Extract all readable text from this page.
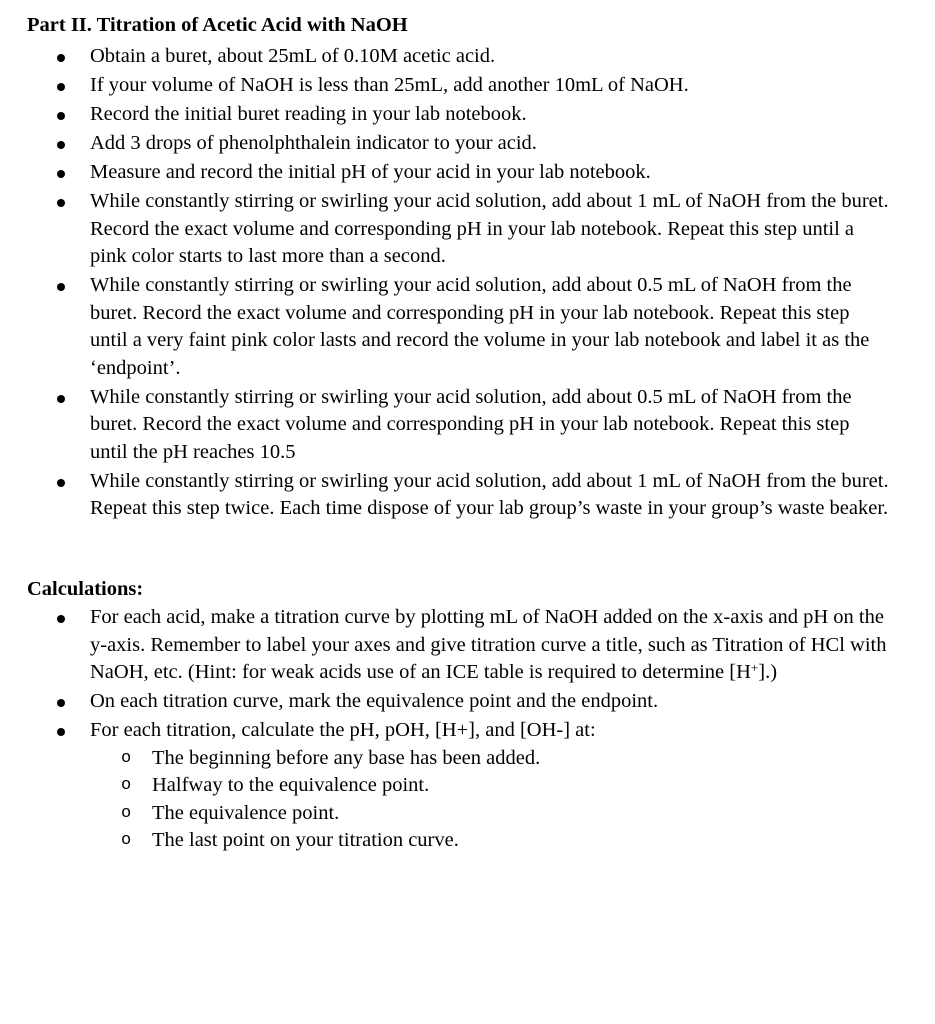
Part II. Titration of Acetic Acid with NaOH
Obtain a buret, about 25mL of 0.10M acetic acid.
If your volume of NaOH is less than 25mL, add another 10mL of NaOH.
Record the initial buret reading in your lab notebook.
Add 3 drops of phenolphthalein indicator to your acid.
Measure and record the initial pH of your acid in your lab notebook.
While constantly stirring or swirling your acid solution, add about 1 mL of NaOH from the buret. Record the exact volume and corresponding pH in your lab notebook. Repeat this step until a pink color starts to last more than a second.
While constantly stirring or swirling your acid solution, add about 0.5 mL of NaOH from the buret. Record the exact volume and corresponding pH in your lab notebook. Repeat this step until a very faint pink color lasts and record the volume in your lab notebook and label it as the ‘endpoint’.
While constantly stirring or swirling your acid solution, add about 0.5 mL of NaOH from the buret. Record the exact volume and corresponding pH in your lab notebook. Repeat this step until the pH reaches 10.5
While constantly stirring or swirling your acid solution, add about 1 mL of NaOH from the buret. Repeat this step twice. Each time dispose of your lab group’s waste in your group’s waste beaker.
Calculations:
For each acid, make a titration curve by plotting mL of NaOH added on the x-axis and pH on the y-axis. Remember to label your axes and give titration curve a title, such as Titration of HCl with NaOH, etc. (Hint: for weak acids use of an ICE table is required to determine [H+].)
On each titration curve, mark the equivalence point and the endpoint.
For each titration, calculate the pH, pOH, [H+], and [OH-] at:
o The beginning before any base has been added.
o Halfway to the equivalence point.
o The equivalence point.
o The last point on your titration curve.
